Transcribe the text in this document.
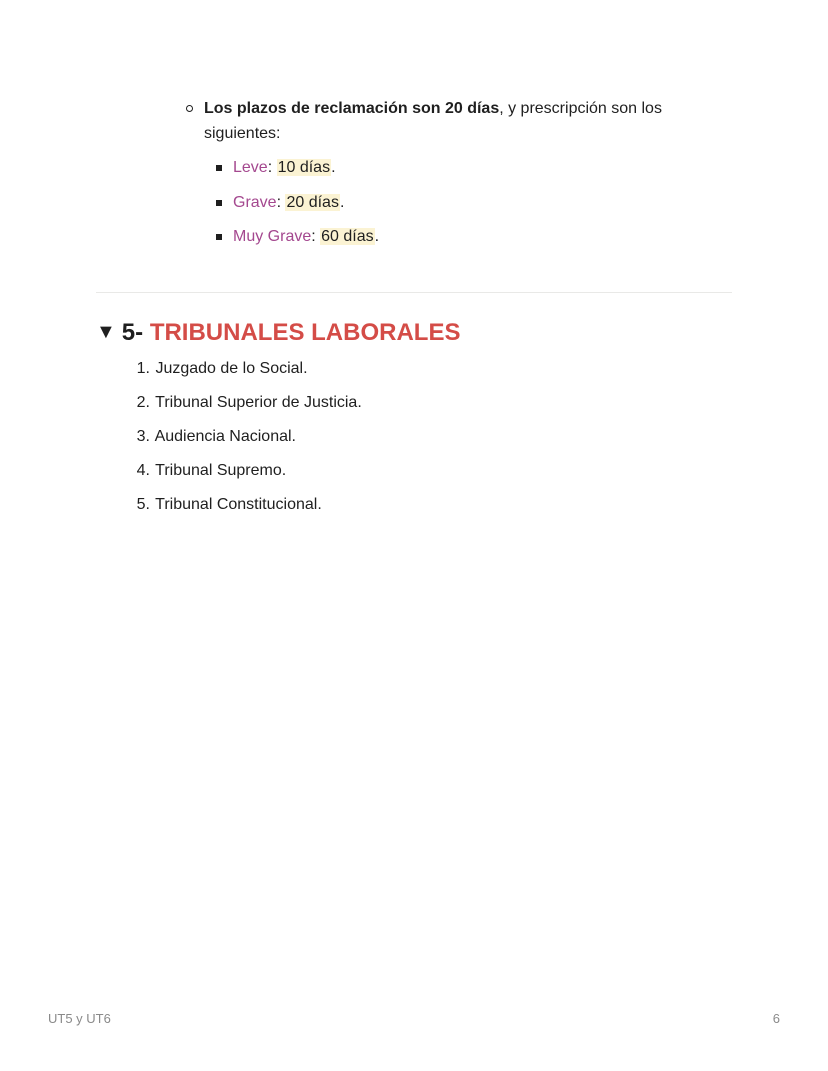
Los plazos de reclamación son 20 días, y prescripción son los siguientes:
Leve: 10 días.
Grave: 20 días.
Muy Grave: 60 días.
▼ 5- TRIBUNALES LABORALES
1. Juzgado de lo Social.
2. Tribunal Superior de Justicia.
3. Audiencia Nacional.
4. Tribunal Supremo.
5. Tribunal Constitucional.
UT5 y UT6	6
